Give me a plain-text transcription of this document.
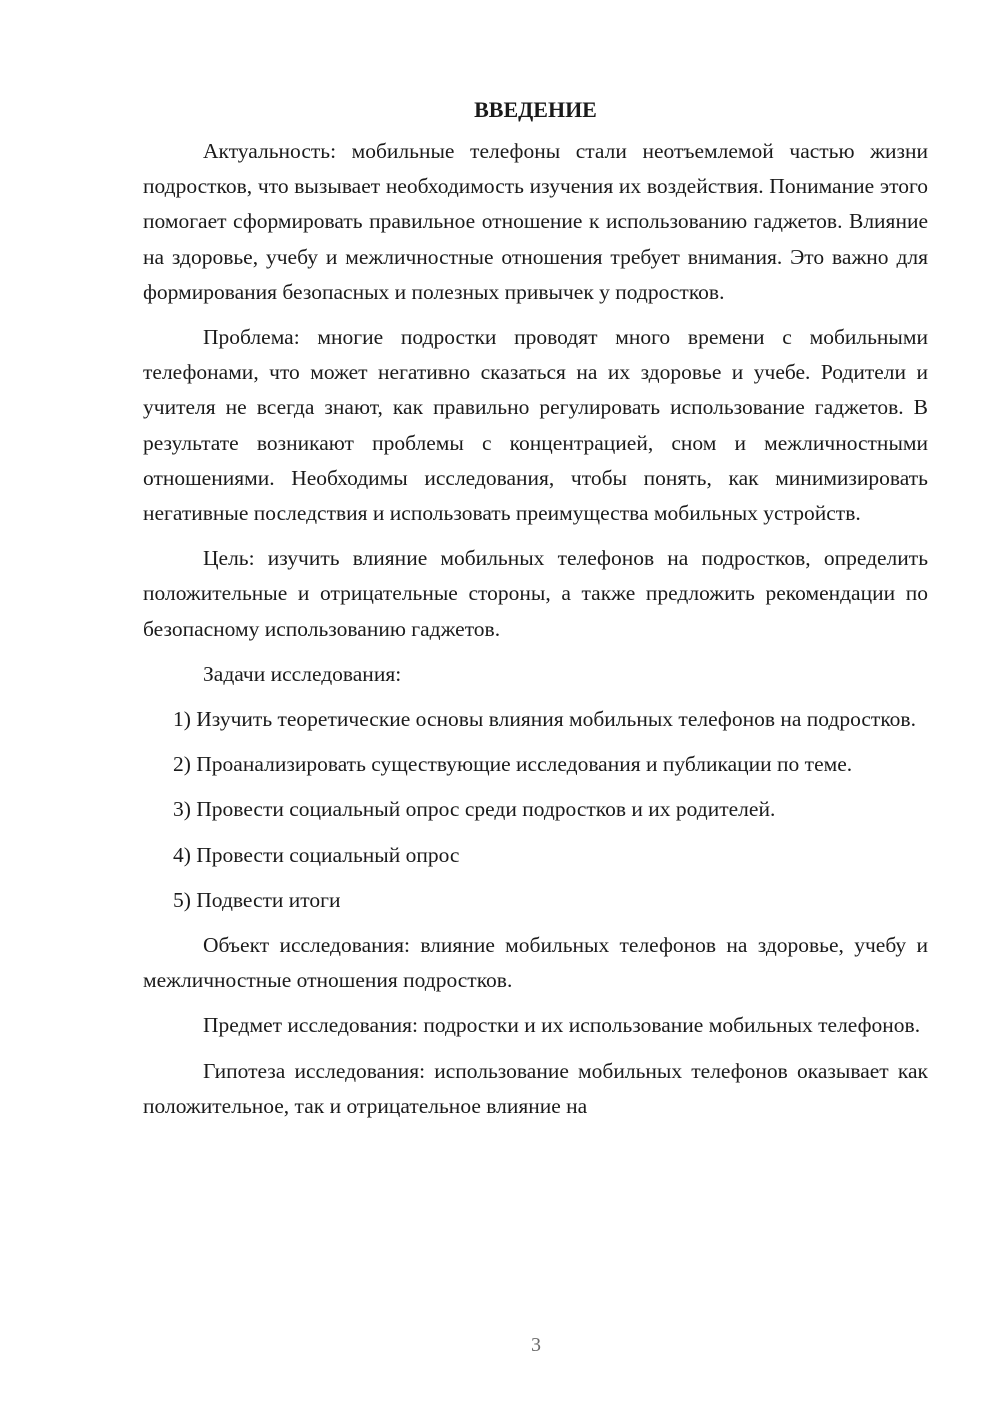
ВВЕДЕНИЕ

Актуальность: мобильные телефоны стали неотъемлемой частью жизни подростков, что вызывает необходимость изучения их воздействия. Понимание этого помогает сформировать правильное отношение к использованию гаджетов. Влияние на здоровье, учебу и межличностные отношения требует внимания. Это важно для формирования безопасных и полезных привычек у подростков.

Проблема: многие подростки проводят много времени с мобильными телефонами, что может негативно сказаться на их здоровье и учебе. Родители и учителя не всегда знают, как правильно регулировать использование гаджетов. В результате возникают проблемы с концентрацией, сном и межличностными отношениями. Необходимы исследования, чтобы понять, как минимизировать негативные последствия и использовать преимущества мобильных устройств.

Цель: изучить влияние мобильных телефонов на подростков, определить положительные и отрицательные стороны, а также предложить рекомендации по безопасному использованию гаджетов.

Задачи исследования:

1) Изучить теоретические основы влияния мобильных телефонов на подростков.

2) Проанализировать существующие исследования и публикации по теме.

3) Провести социальный опрос среди подростков и их родителей.

4) Провести социальный опрос

5) Подвести итоги

Объект исследования: влияние мобильных телефонов на здоровье, учебу и межличностные отношения подростков.

Предмет исследования: подростки и их использование мобильных телефонов.

Гипотеза исследования: использование мобильных телефонов оказывает как положительное, так и отрицательное влияние на

3
